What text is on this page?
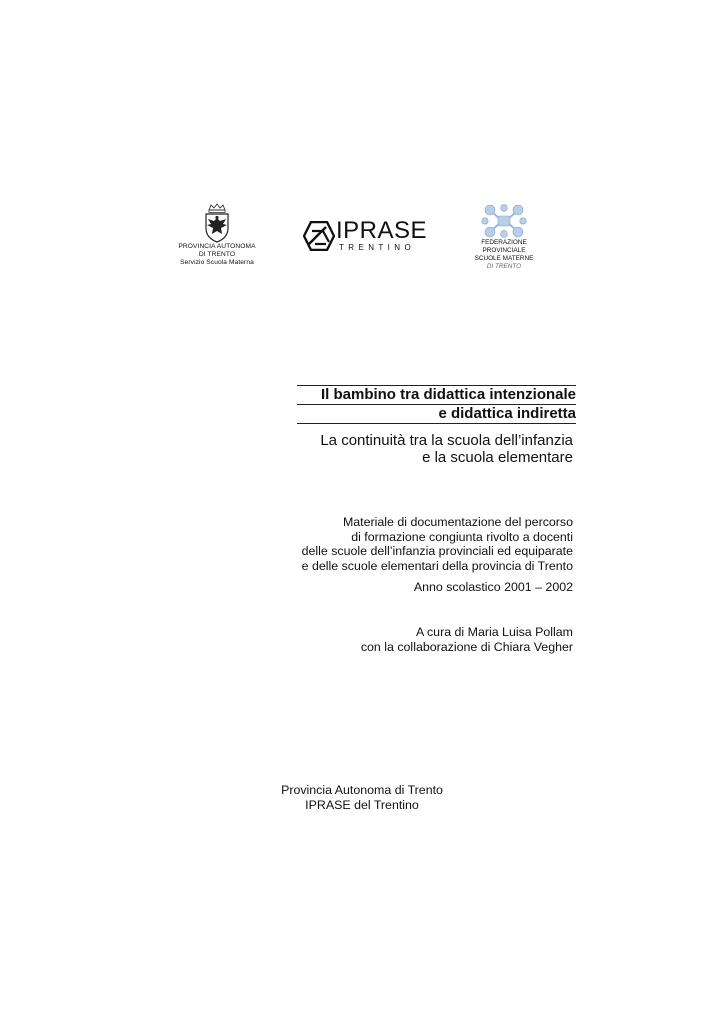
PROVINCIA AUTONOMA
DI TRENTO
Servizio Scuola Materna
IPRASE
TRENTINO
FEDERAZIONE
PROVINCIALE
SCUOLE MATERNE
DI TRENTO
Il bambino tra didattica intenzionale
e didattica indiretta
La continuità tra la scuola dell’infanzia
e la scuola elementare
Materiale di documentazione del percorso
di formazione congiunta rivolto a docenti
delle scuole dell’infanzia provinciali ed equiparate
e delle scuole elementari della provincia di Trento
Anno scolastico 2001 – 2002
A cura di Maria Luisa Pollam
con la collaborazione di Chiara Vegher
Provincia Autonoma di Trento
IPRASE del Trentino
